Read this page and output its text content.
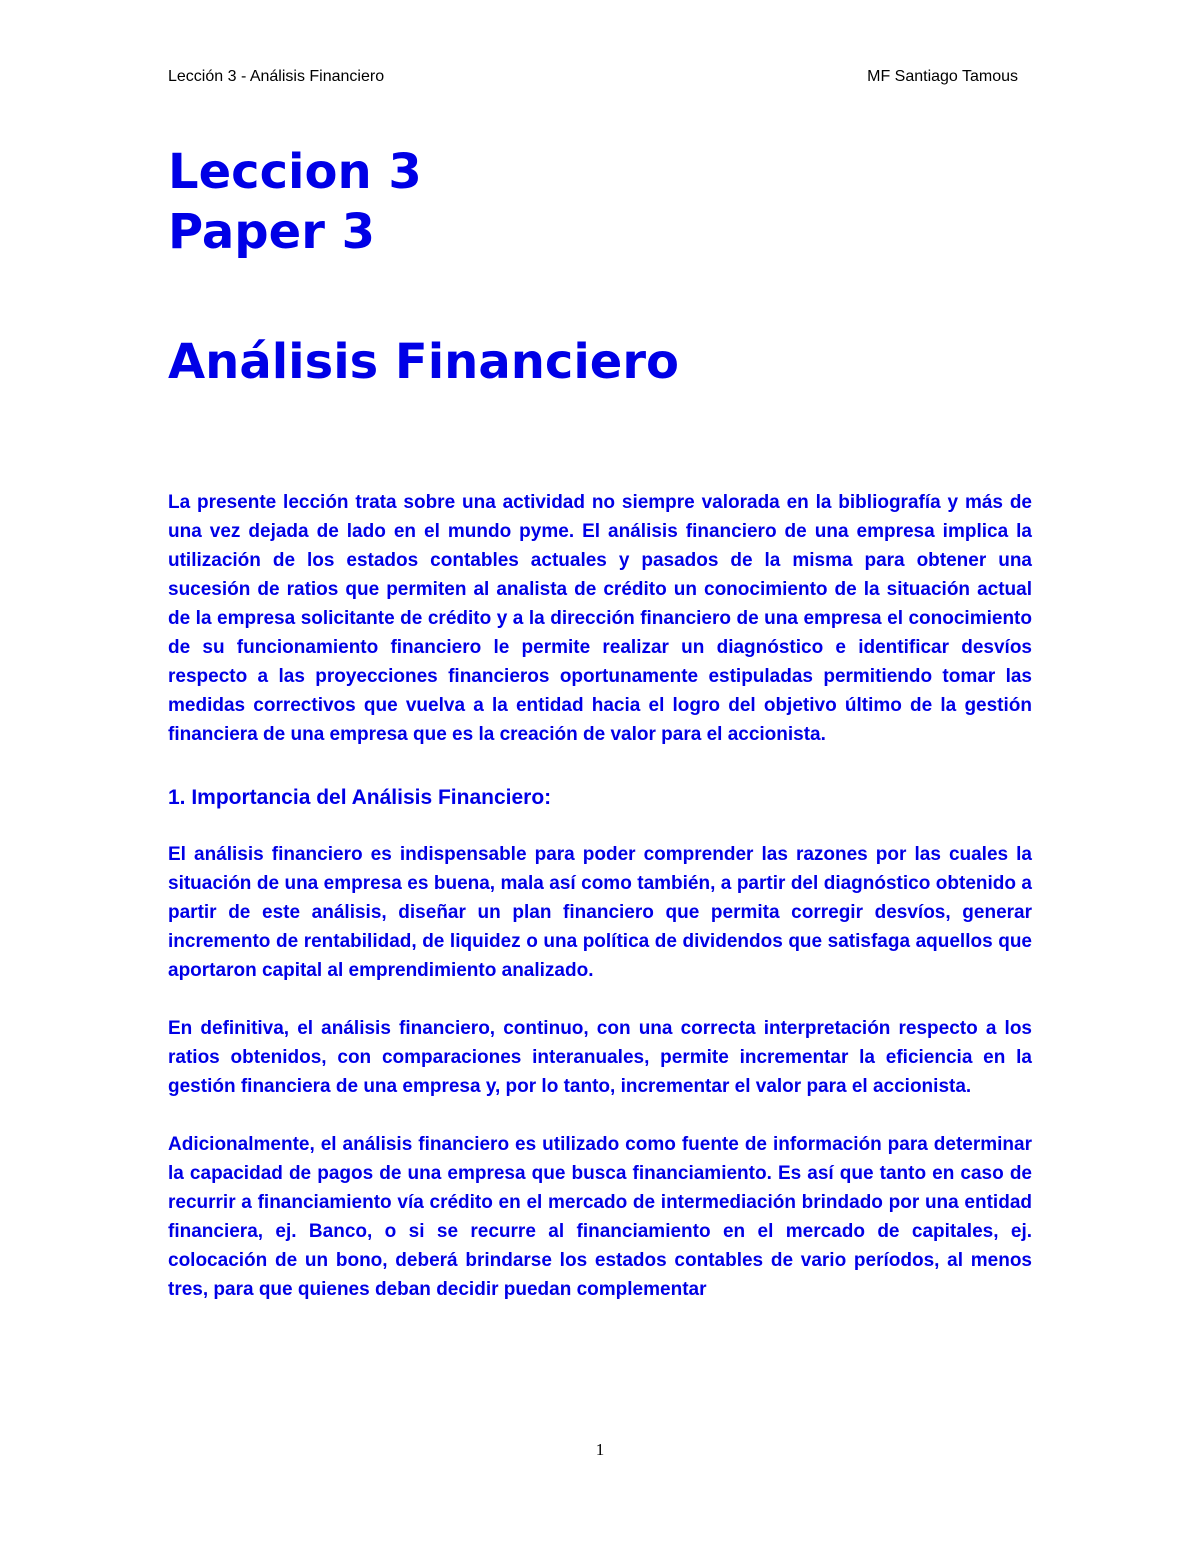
Lección 3 - Análisis Financiero	MF Santiago Tamous
Leccion 3
Paper 3
Análisis Financiero

La presente lección trata sobre una actividad no siempre valorada en la bibliografía y más de una vez dejada de lado en el mundo pyme. El análisis financiero de una empresa implica la utilización de los estados contables actuales y pasados de la misma para obtener una sucesión de ratios que permiten al analista de crédito un conocimiento de la situación actual de la empresa solicitante de crédito y a la dirección financiero de una empresa el conocimiento de su funcionamiento financiero le permite realizar un diagnóstico e identificar desvíos respecto a las proyecciones financieros oportunamente estipuladas permitiendo tomar las medidas correctivos que vuelva a la entidad hacia el logro del objetivo último de la gestión financiera de una empresa que es la creación de valor para el accionista.

1. Importancia del Análisis Financiero:

El análisis financiero es indispensable para poder comprender las razones por las cuales la situación de una empresa es buena, mala así como también, a partir del diagnóstico obtenido a partir de este análisis, diseñar un plan financiero que permita corregir desvíos, generar incremento de rentabilidad, de liquidez o una política de dividendos que satisfaga aquellos que aportaron capital al emprendimiento analizado.

En definitiva, el análisis financiero, continuo, con una correcta interpretación respecto a los ratios obtenidos, con comparaciones interanuales, permite incrementar la eficiencia en la gestión financiera de una empresa y, por lo tanto, incrementar el valor para el accionista.

Adicionalmente, el análisis financiero es utilizado como fuente de información para determinar la capacidad de pagos de una empresa que busca financiamiento. Es así que tanto en caso de recurrir a financiamiento vía crédito en el mercado de intermediación brindado por una entidad financiera, ej. Banco, o si se recurre al financiamiento en el mercado de capitales, ej. colocación de un bono, deberá brindarse los estados contables de vario períodos, al menos tres, para que quienes deban decidir puedan complementar

1
